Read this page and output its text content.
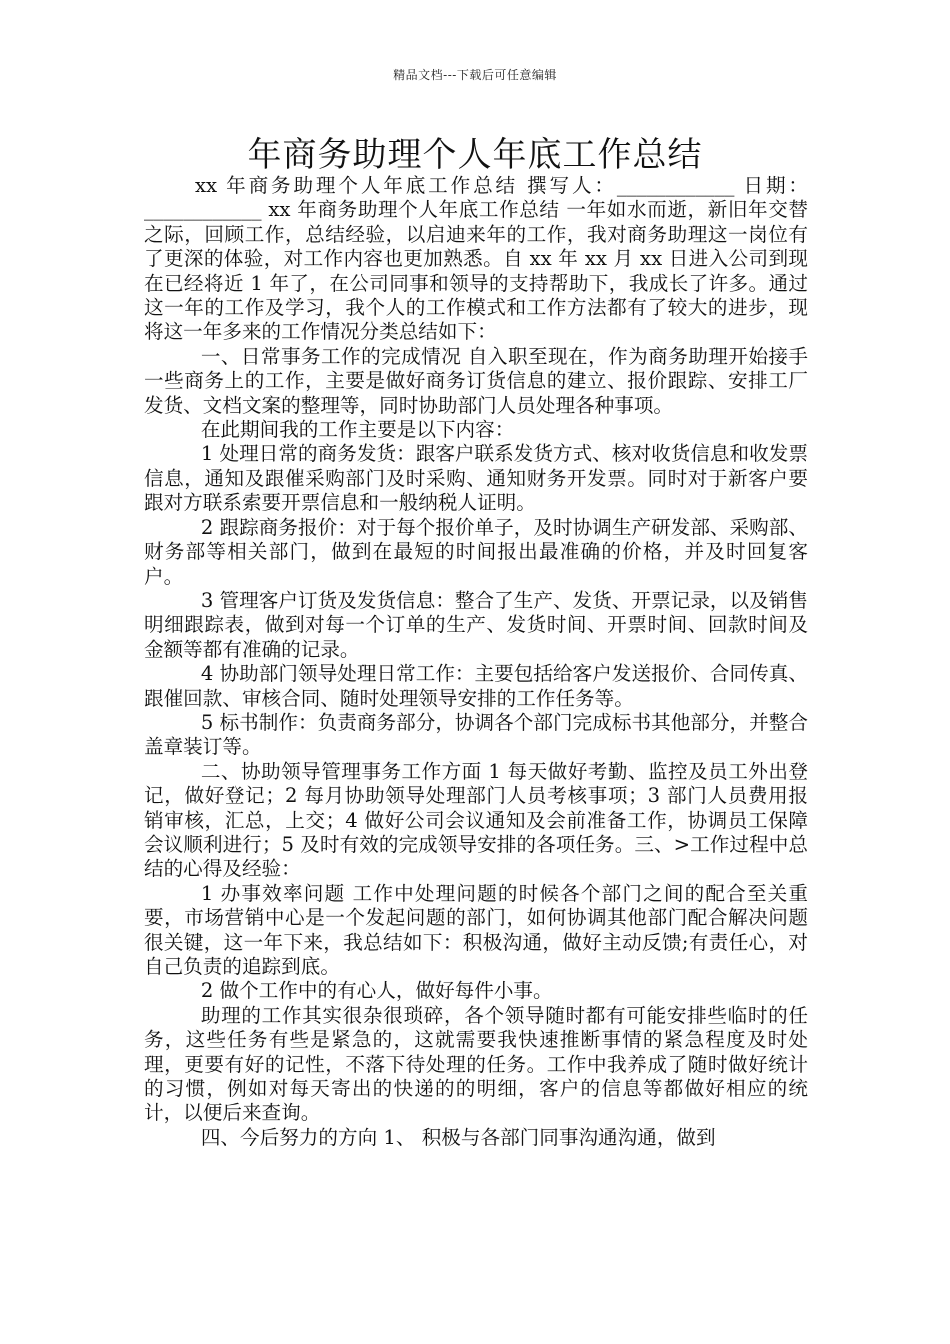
精品文档---下载后可任意编辑
年商务助理个人年底工作总结

xx 年商务助理个人年底工作总结 撰写人：____________ 日期：____________ xx 年商务助理个人年底工作总结 一年如水而逝，新旧年交替之际，回顾工作，总结经验，以启迪来年的工作，我对商务助理这一岗位有了更深的体验，对工作内容也更加熟悉。自 xx 年 xx 月 xx 日进入公司到现在已经将近 1 年了，在公司同事和领导的支持帮助下，我成长了许多。通过这一年的工作及学习，我个人的工作模式和工作方法都有了较大的进步，现将这一年多来的工作情况分类总结如下：

一、日常事务工作的完成情况 自入职至现在，作为商务助理开始接手一些商务上的工作，主要是做好商务订货信息的建立、报价跟踪、安排工厂发货、文档文案的整理等，同时协助部门人员处理各种事项。

在此期间我的工作主要是以下内容：

1 处理日常的商务发货：跟客户联系发货方式、核对收货信息和收发票信息，通知及跟催采购部门及时采购、通知财务开发票。同时对于新客户要跟对方联系索要开票信息和一般纳税人证明。

2 跟踪商务报价：对于每个报价单子，及时协调生产研发部、采购部、财务部等相关部门，做到在最短的时间报出最准确的价格，并及时回复客户。

3 管理客户订货及发货信息：整合了生产、发货、开票记录，以及销售明细跟踪表，做到对每一个订单的生产、发货时间、开票时间、回款时间及金额等都有准确的记录。

4 协助部门领导处理日常工作：主要包括给客户发送报价、合同传真、跟催回款、审核合同、随时处理领导安排的工作任务等。

5 标书制作：负责商务部分，协调各个部门完成标书其他部分，并整合盖章装订等。

二、协助领导管理事务工作方面 1 每天做好考勤、监控及员工外出登记，做好登记；2 每月协助领导处理部门人员考核事项；3 部门人员费用报销审核，汇总，上交；4 做好公司会议通知及会前准备工作，协调员工保障会议顺利进行；5 及时有效的完成领导安排的各项任务。三、>工作过程中总结的心得及经验：

1 办事效率问题 工作中处理问题的时候各个部门之间的配合至关重要，市场营销中心是一个发起问题的部门，如何协调其他部门配合解决问题很关键，这一年下来，我总结如下：积极沟通，做好主动反馈;有责任心，对自己负责的追踪到底。

2 做个工作中的有心人，做好每件小事。

助理的工作其实很杂很琐碎，各个领导随时都有可能安排些临时的任务，这些任务有些是紧急的，这就需要我快速推断事情的紧急程度及时处理，更要有好的记性，不落下待处理的任务。工作中我养成了随时做好统计的习惯，例如对每天寄出的快递的的明细，客户的信息等都做好相应的统计，以便后来查询。

四、今后努力的方向 1、 积极与各部门同事沟通沟通，做到
